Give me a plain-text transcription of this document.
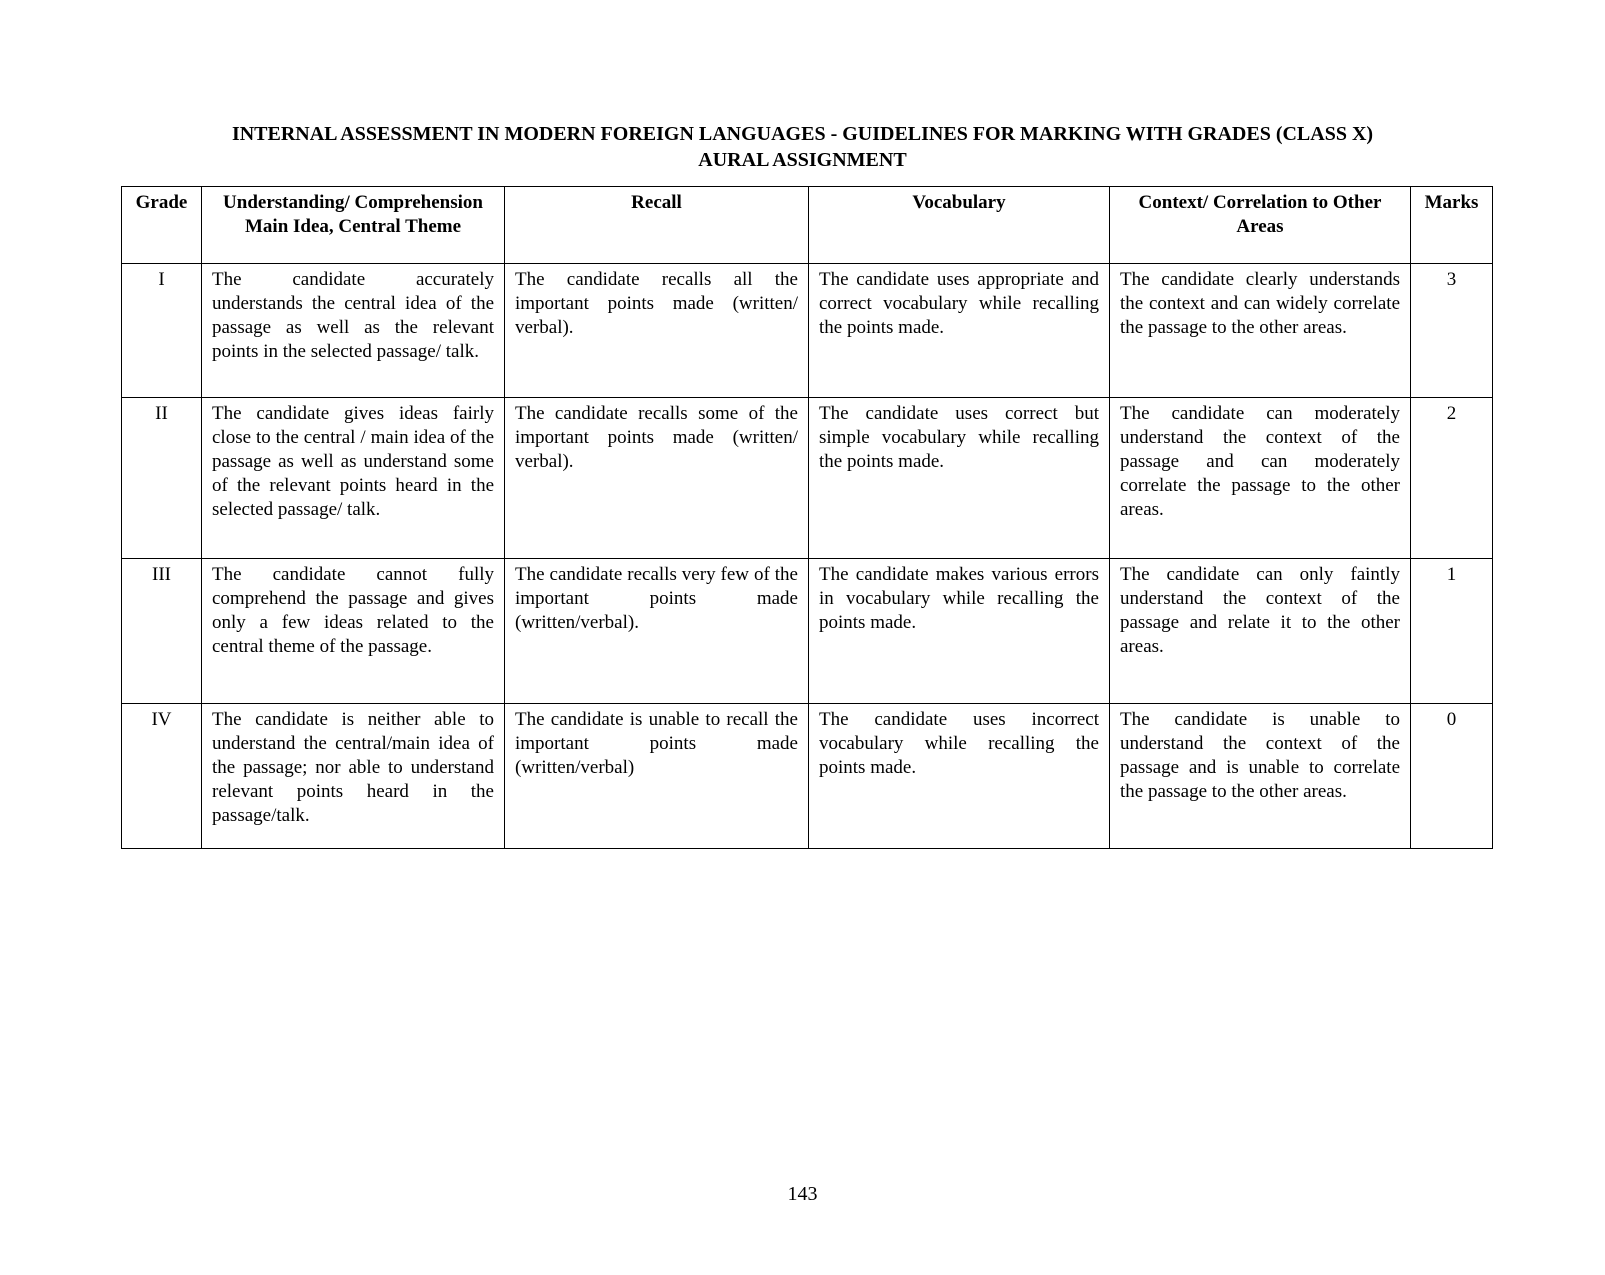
INTERNAL ASSESSMENT IN MODERN FOREIGN LANGUAGES - GUIDELINES FOR MARKING WITH GRADES (CLASS X)
AURAL ASSIGNMENT
Grade	Understanding/ Comprehension Main Idea, Central Theme	Recall	Vocabulary	Context/ Correlation to Other Areas	Marks
I	The candidate accurately understands the central idea of the passage as well as the relevant points in the selected passage/ talk.	The candidate recalls all the important points made (written/ verbal).	The candidate uses appropriate and correct vocabulary while recalling the points made.	The candidate clearly understands the context and can widely correlate the passage to the other areas.	3
II	The candidate gives ideas fairly close to the central / main idea of the passage as well as understand some of the relevant points heard in the selected passage/ talk.	The candidate recalls some of the important points made (written/ verbal).	The candidate uses correct but simple vocabulary while recalling the points made.	The candidate can moderately understand the context of the passage and can moderately correlate the passage to the other areas.	2
III	The candidate cannot fully comprehend the passage and gives only a few ideas related to the central theme of the passage.	The candidate recalls very few of the important points made (written/verbal).	The candidate makes various errors in vocabulary while recalling the points made.	The candidate can only faintly understand the context of the passage and relate it to the other areas.	1
IV	The candidate is neither able to understand the central/main idea of the passage; nor able to understand relevant points heard in the passage/talk.	The candidate is unable to recall the important points made (written/verbal)	The candidate uses incorrect vocabulary while recalling the points made.	The candidate is unable to understand the context of the passage and is unable to correlate the passage to the other areas.	0
143
